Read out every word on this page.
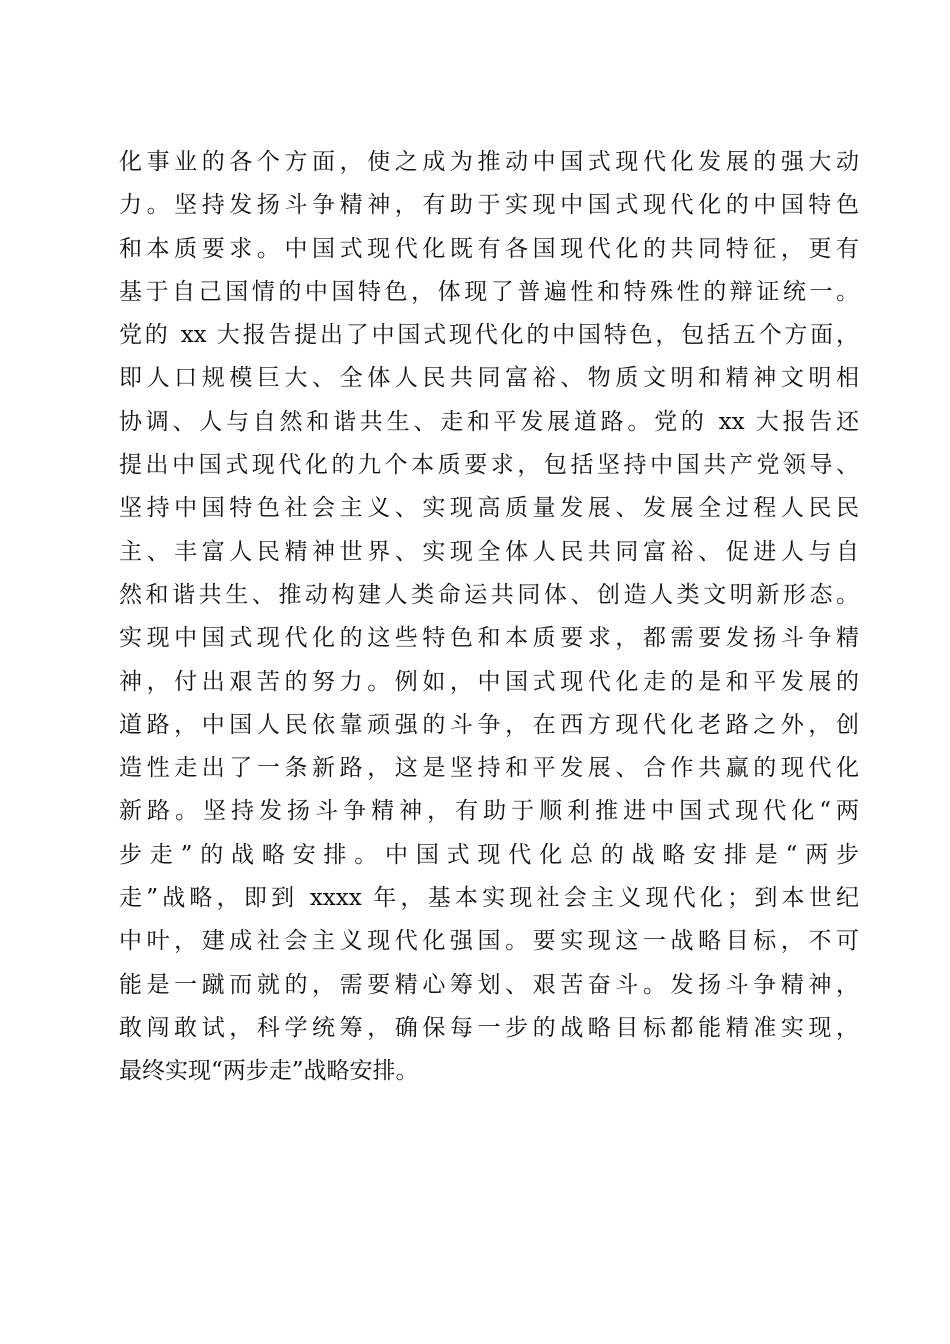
化事业的各个方面，使之成为推动中国式现代化发展的强大动
力。坚持发扬斗争精神，有助于实现中国式现代化的中国特色
和本质要求。中国式现代化既有各国现代化的共同特征，更有
基于自己国情的中国特色，体现了普遍性和特殊性的辩证统一。
党的 xx 大报告提出了中国式现代化的中国特色，包括五个方面，
即人口规模巨大、全体人民共同富裕、物质文明和精神文明相
协调、人与自然和谐共生、走和平发展道路。党的 xx 大报告还
提出中国式现代化的九个本质要求，包括坚持中国共产党领导、
坚持中国特色社会主义、实现高质量发展、发展全过程人民民
主、丰富人民精神世界、实现全体人民共同富裕、促进人与自
然和谐共生、推动构建人类命运共同体、创造人类文明新形态。
实现中国式现代化的这些特色和本质要求，都需要发扬斗争精
神，付出艰苦的努力。例如，中国式现代化走的是和平发展的
道路，中国人民依靠顽强的斗争，在西方现代化老路之外，创
造性走出了一条新路，这是坚持和平发展、合作共赢的现代化
新路。坚持发扬斗争精神，有助于顺利推进中国式现代化“两
步走”的战略安排。中国式现代化总的战略安排是“两步
走”战略，即到 xxxx 年，基本实现社会主义现代化；到本世纪
中叶，建成社会主义现代化强国。要实现这一战略目标，不可
能是一蹴而就的，需要精心筹划、艰苦奋斗。发扬斗争精神，
敢闯敢试，科学统筹，确保每一步的战略目标都能精准实现，
最终实现“两步走”战略安排。
